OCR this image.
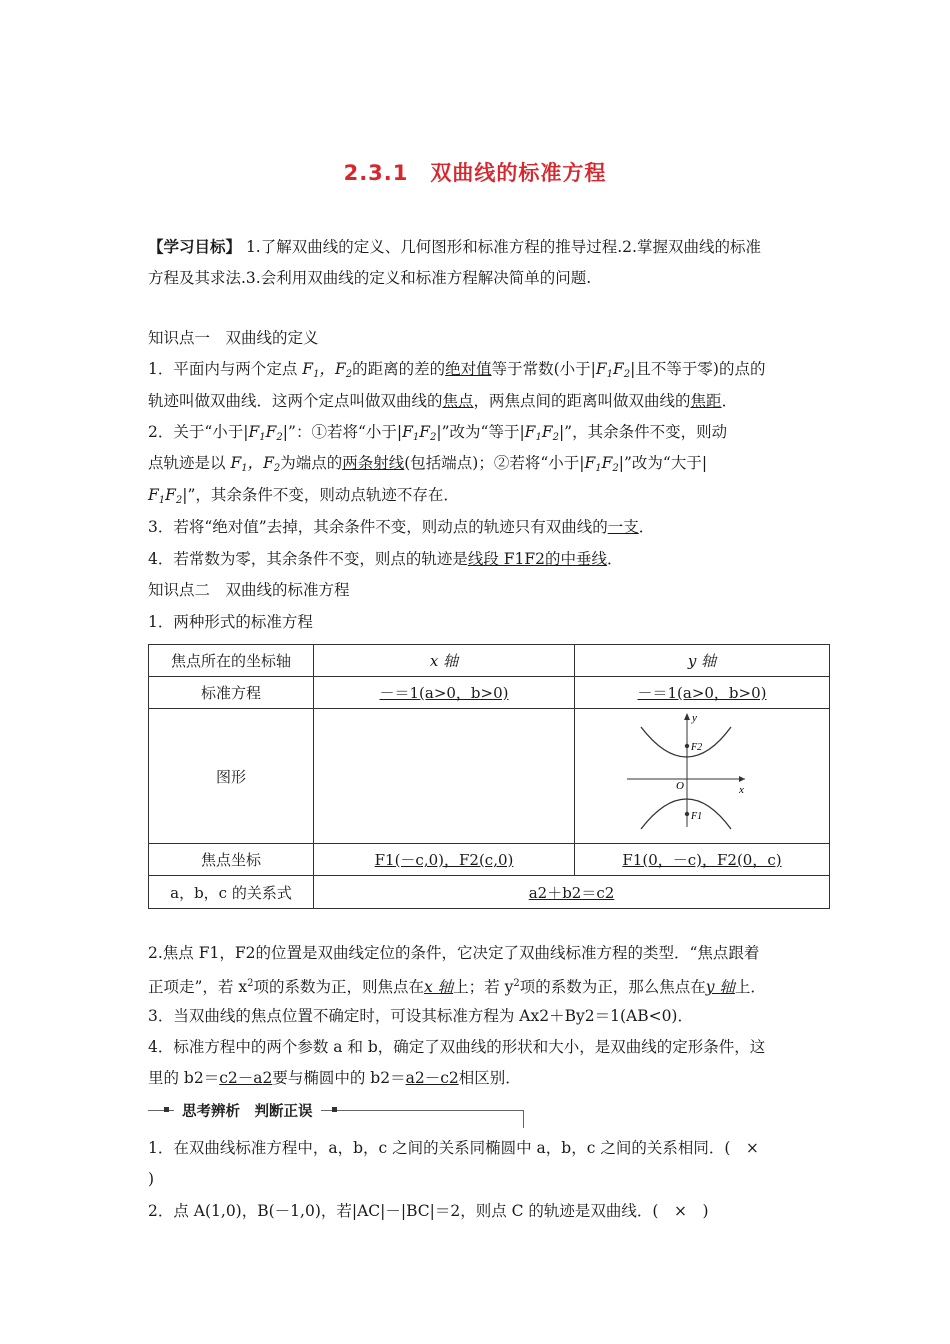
2.3.1　双曲线的标准方程
【学习目标】 1.了解双曲线的定义、几何图形和标准方程的推导过程.2.掌握双曲线的标准
方程及其求法.3.会利用双曲线的定义和标准方程解决简单的问题.
知识点一　双曲线的定义
1．平面内与两个定点 $F_1$，$F_2$的距离的差的绝对值等于常数(小于$|F_1F_2|$且不等于零)的点的
轨迹叫做双曲线．这两个定点叫做双曲线的焦点，两焦点间的距离叫做双曲线的焦距．
2．关于“小于$|F_1F_2|$”：①若将“小于$|F_1F_2|$”改为“等于$|F_1F_2|$”，其余条件不变，则动
点轨迹是以 $F_1$，$F_2$为端点的两条射线(包括端点)；②若将“小于$|F_1F_2|$”改为“大于|
$F_1F_2|$”，其余条件不变，则动点轨迹不存在．
3．若将“绝对值”去掉，其余条件不变，则动点的轨迹只有双曲线的一支．
4．若常数为零，其余条件不变，则点的轨迹是线段 F1F2的中垂线．
知识点二　双曲线的标准方程
1．两种形式的标准方程
焦点所在的坐标轴	x 轴	y 轴
标准方程	－＝1(a>0，b>0)	－＝1(a>0，b>0)
图形		y
x
O
F2
F1

焦点坐标	F1(－c,0)，F2(c,0)	F1(0，－c)，F2(0，c)
a，b，c 的关系式	a2＋b2＝c2	
2.焦点 F1，F2的位置是双曲线定位的条件，它决定了双曲线标准方程的类型．“焦点跟着
正项走”，若 $x^2$项的系数为正，则焦点在x 轴上；若 $y^2$项的系数为正，那么焦点在y 轴上．
3．当双曲线的焦点位置不确定时，可设其标准方程为 Ax2＋By2＝1(AB<0)．
4．标准方程中的两个参数 a 和 b，确定了双曲线的形状和大小，是双曲线的定形条件，这
里的 b2＝c2－a2要与椭圆中的 b2＝a2－c2相区别．
思考辨析　判断正误
1．在双曲线标准方程中，a，b，c 之间的关系同椭圆中 a，b，c 之间的关系相同．(　×
)
2．点 A(1,0)，B(－1,0)，若|AC|－|BC|＝2，则点 C 的轨迹是双曲线．(　×　)
